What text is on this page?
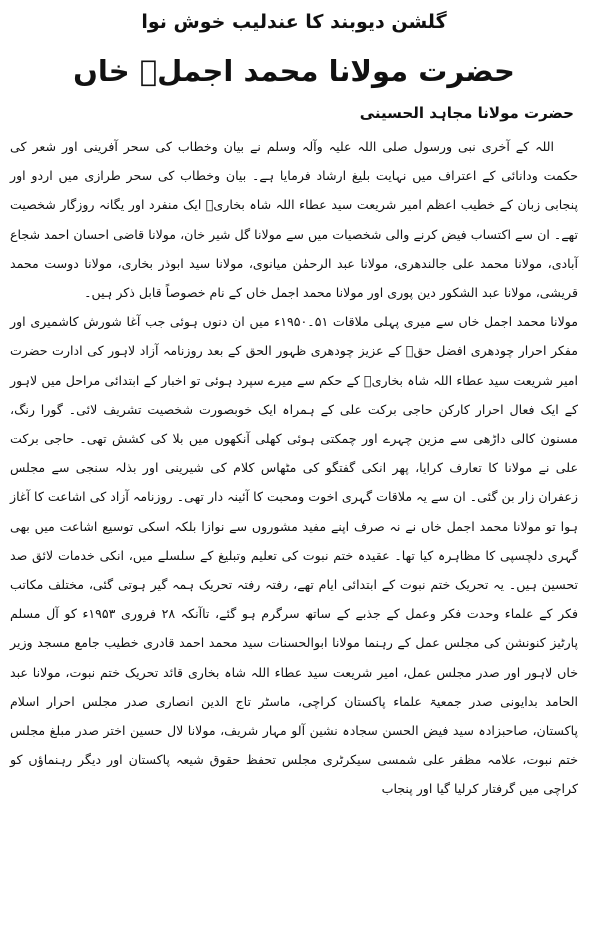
گلشن دیوبند کا عندلیب خوش نوا
حضرت مولانا محمد اجملؒ خاں
حضرت مولانا مجاہد الحسینی

اللہ کے آخری نبی ورسول صلی اللہ علیہ وآلہ وسلم نے بیان وخطاب کی سحر آفرینی اور شعر کی حکمت ودانائی کے اعتراف میں نہایت بلیغ ارشاد فرمایا ہے۔ بیان وخطاب کی سحر طرازی میں اردو اور پنجابی زبان کے خطیب اعظم امیر شریعت سید عطاء اللہ شاہ بخاریؒ ایک منفرد اور یگانہ روزگار شخصیت تھے۔ ان سے اکتساب فیض کرنے والی شخصیات میں سے مولانا گل شیر خان، مولانا قاضی احسان احمد شجاع آبادی، مولانا محمد علی جالندھری، مولانا عبد الرحمٰن میانوی، مولانا سید ابوذر بخاری، مولانا دوست محمد قریشی، مولانا عبد الشکور دین پوری اور مولانا محمد اجمل خاں کے نام خصوصاً قابل ذکر ہیں۔

مولانا محمد اجمل خاں سے میری پہلی ملاقات ۵۱۔۱۹۵۰ء میں ان دنوں ہوئی جب آغا شورش کاشمیری اور مفکر احرار چودھری افضل حقؒ کے عزیز چودھری ظہور الحق کے بعد روزنامہ آزاد لاہور کی ادارت حضرت امیر شریعت سید عطاء اللہ شاہ بخاریؒ کے حکم سے میرے سپرد ہوئی تو اخبار کے ابتدائی مراحل میں لاہور کے ایک فعال احرار کارکن حاجی برکت علی کے ہمراہ ایک خوبصورت شخصیت تشریف لائی۔ گورا رنگ، مسنون کالی داڑھی سے مزین چہرے اور چمکتی ہوئی کھلی آنکھوں میں بلا کی کشش تھی۔ حاجی برکت علی نے مولانا کا تعارف کرایا، پھر انکی گفتگو کی مٹھاس کلام کی شیرینی اور بذلہ سنجی سے مجلس زعفران زار بن گئی۔ ان سے یہ ملاقات گہری اخوت ومحبت کا آئینہ دار تھی۔ روزنامہ آزاد کی اشاعت کا آغاز ہوا تو مولانا محمد اجمل خاں نے نہ صرف اپنے مفید مشوروں سے نوازا بلکہ اسکی توسیع اشاعت میں بھی گہری دلچسپی کا مظاہرہ کیا تھا۔ عقیدہ ختم نبوت کی تعلیم وتبلیغ کے سلسلے میں، انکی خدمات لائق صد تحسین ہیں۔ یہ تحریک ختم نبوت کے ابتدائی ایام تھے، رفتہ رفتہ تحریک ہمہ گیر ہوتی گئی، مختلف مکاتب فکر کے علماء وحدت فکر وعمل کے جذبے کے ساتھ سرگرم ہو گئے، تاآنکہ ۲۸ فروری ۱۹۵۳ء کو آل مسلم پارٹیز کنونشن کی مجلس عمل کے رہنما مولانا ابوالحسنات سید محمد احمد قادری خطیب جامع مسجد وزیر خاں لاہور اور صدر مجلس عمل، امیر شریعت سید عطاء اللہ شاہ بخاری قائد تحریک ختم نبوت، مولانا عبد الحامد بدایونی صدر جمعیۃ علماء پاکستان کراچی، ماسٹر تاج الدین انصاری صدر مجلس احرار اسلام پاکستان، صاحبزادہ سید فیض الحسن سجادہ نشین آلو مہار شریف، مولانا لال حسین اختر صدر مبلغ مجلس ختم نبوت، علامہ مظفر علی شمسی سیکرٹری مجلس تحفظ حقوق شیعہ پاکستان اور دیگر رہنماؤں کو کراچی میں گرفتار کرلیا گیا اور پنجاب
